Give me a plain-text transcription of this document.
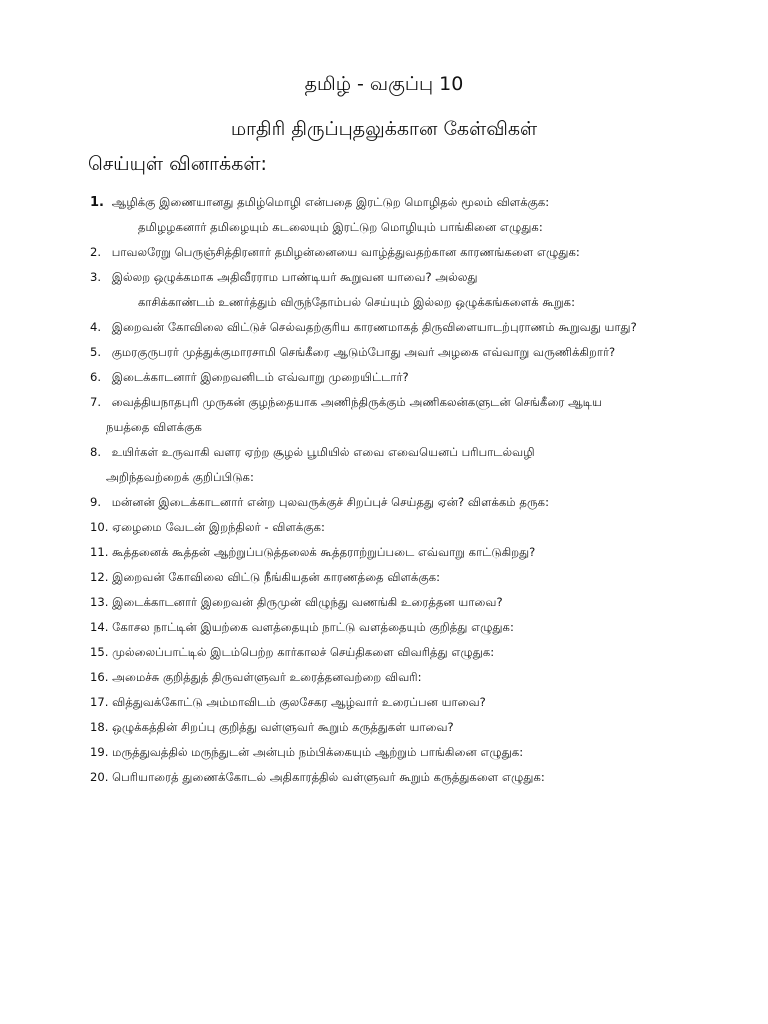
தமிழ் - வகுப்பு 10
மாதிரி திருப்புதலுக்கான கேள்விகள்
செய்யுள் வினாக்கள்:
1. ஆழிக்கு இணையானது தமிழ்மொழி என்பதை இரட்டுற மொழிதல் மூலம் விளக்குக:
தமிழழகனார் தமிழையும் கடலையும் இரட்டுற மொழியும் பாங்கினை எழுதுக:
2. பாவலரேறு பெருஞ்சித்திரனார் தமிழன்னையை வாழ்த்துவதற்கான காரணங்களை எழுதுக:
3. இல்லற ஒழுக்கமாக அதிவீரராம பாண்டியர் கூறுவன யாவை? அல்லது
காசிக்காண்டம் உணர்த்தும் விருந்தோம்பல் செய்யும் இல்லற ஒழுக்கங்களைக் கூறுக:
4. இறைவன் கோவிலை விட்டுச் செல்வதற்குரிய காரணமாகத் திருவிளையாடற்புராணம் கூறுவது யாது?
5. குமரகுருபரர் முத்துக்குமாரசாமி செங்கீரை ஆடும்போது அவர் அழகை எவ்வாறு வருணிக்கிறார்?
6. இடைக்காடனார் இறைவனிடம் எவ்வாறு முறையிட்டார்?
7. வைத்தியநாதபுரி முருகன் குழந்தையாக அணிந்திருக்கும் அணிகலன்களுடன் செங்கீரை ஆடிய
நயத்தை விளக்குக
8. உயிர்கள் உருவாகி வளர ஏற்ற சூழல் பூமியில் எவை எவையெனப் பரிபாடல்வழி
அறிந்தவற்றைக் குறிப்பிடுக:
9. மன்னன் இடைக்காடனார் என்ற புலவருக்குச் சிறப்புச் செய்தது ஏன்? விளக்கம் தருக:
10. ஏழைமை வேடன் இறந்திலர் - விளக்குக:
11. கூத்தனைக் கூத்தன் ஆற்றுப்படுத்தலைக் கூத்தராற்றுப்படை எவ்வாறு காட்டுகிறது?
12. இறைவன் கோவிலை விட்டு நீங்கியதன் காரணத்தை விளக்குக:
13. இடைக்காடனார் இறைவன் திருமுன் விழுந்து வணங்கி உரைத்தன யாவை?
14. கோசல நாட்டின் இயற்கை வளத்தையும் நாட்டு வளத்தையும் குறித்து எழுதுக:
15. முல்லைப்பாட்டில் இடம்பெற்ற கார்காலச் செய்திகளை விவரித்து எழுதுக:
16. அமைச்சு குறித்துத் திருவள்ளுவர் உரைத்தனவற்றை விவரி:
17. வித்துவக்கோட்டு அம்மாவிடம் குலசேகர ஆழ்வார் உரைப்பன யாவை?
18. ஒழுக்கத்தின் சிறப்பு குறித்து வள்ளுவர் கூறும் கருத்துகள் யாவை?
19. மருத்துவத்தில் மருந்துடன் அன்பும் நம்பிக்கையும் ஆற்றும் பாங்கினை எழுதுக:
20. பெரியாரைத் துணைக்கோடல் அதிகாரத்தில் வள்ளுவர் கூறும் கருத்துகளை எழுதுக:
